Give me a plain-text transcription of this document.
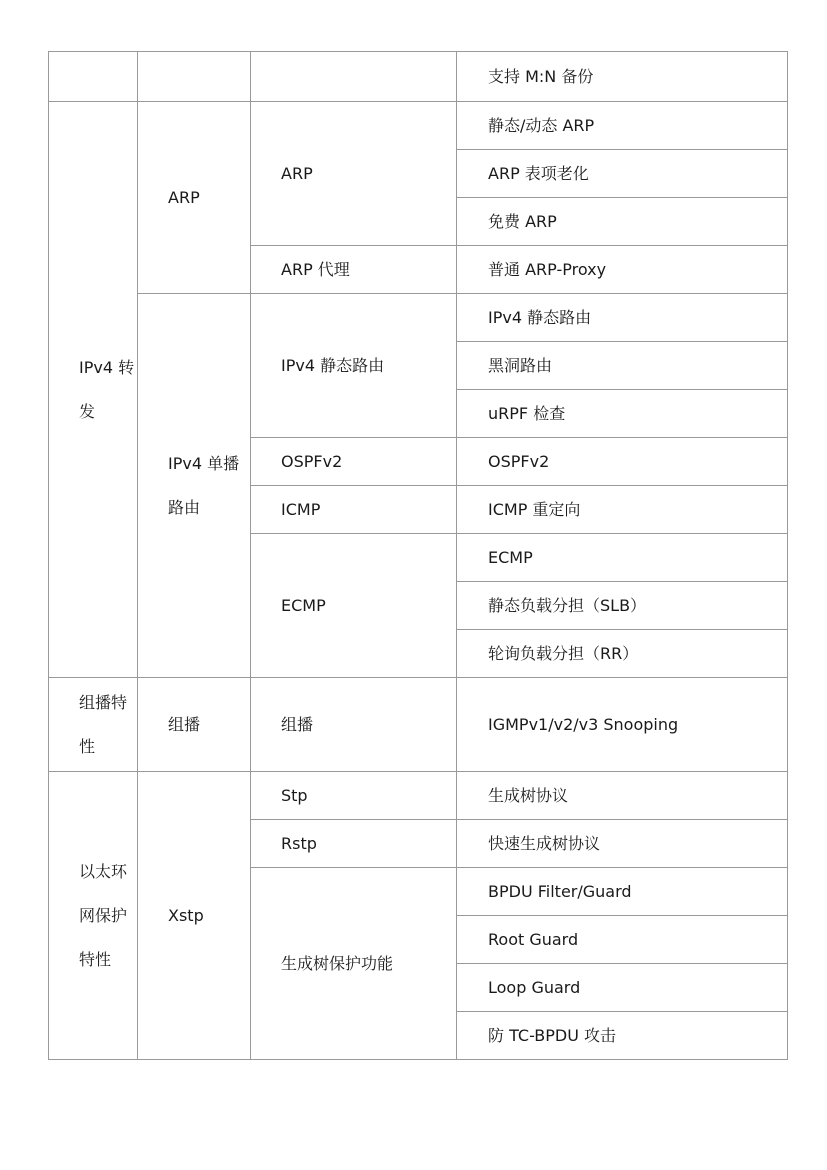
			支持 M:N 备份

IPv4 转发	ARP	ARP	静态/动态 ARP
			ARP 表项老化
			免费 ARP
		ARP 代理	普通 ARP-Proxy

	IPv4 单播路由	IPv4 静态路由	IPv4 静态路由
			黑洞路由
			uRPF 检查
		OSPFv2	OSPFv2
		ICMP	ICMP 重定向
		ECMP	ECMP
			静态负载分担（SLB）
			轮询负载分担（RR）

组播特性	组播	组播	IGMPv1/v2/v3 Snooping

以太环网保护特性	Xstp	Stp	生成树协议
		Rstp	快速生成树协议
		生成树保护功能	BPDU Filter/Guard
			Root Guard
			Loop Guard
			防 TC-BPDU 攻击
